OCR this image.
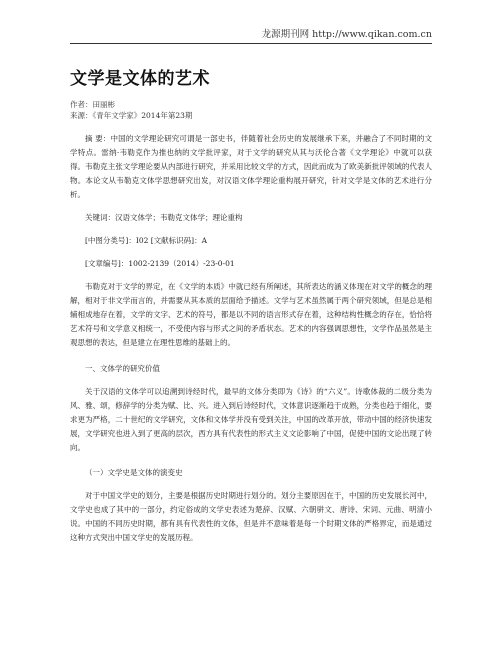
龙源期刊网 http://www.qikan.com.cn
文学是文体的艺术
作者：田丽彬
来源：《青年文学家》2014年第23期
摘 要：中国的文学理论研究可谓是一部史书，伴随着社会历史的发展继承下来，并融合了不同时期的文学特点。雷纳·韦勒克作为推也纳的文学批评家，对于文学的研究从其与沃伦合著《文学理论》中就可以获得。韦勒克主张文学理论要从内部进行研究，并采用比较文学的方式，因此而成为了欧美新批评领域的代表人物。本论文从韦勒克文体学思想研究出发，对汉语文体学理论重构展开研究，针对文学是文体的艺术进行分析。
关键词：汉语文体学；韦勒克文体学；理论重构
[中图分类号]：I02 [文献标识码]：A
[文章编号]：1002-2139（2014）-23-0-01
韦勒克对于文学的界定，在《文学的本质》中就已经有所阐述，其所表达的涵义体现在对文学的概念的理解，相对于非文学而言的，并需要从其本质的层面给予描述。文学与艺术虽然属于两个研究领域，但是总是相辅相成地存在着，文学的文字、艺术的符号，都是以不同的语言形式存在着，这种结构性概念的存在，恰恰将艺术符号和文学意义相统一，不受使内容与形式之间的矛盾状态。艺术的内容强调思想性，文学作品虽然是主观思想的表达，但是建立在理性思维的基础上的。
一、文体学的研究价值
关于汉语的文体学可以追溯到诗经时代，最早的文体分类即为《诗》的“六义”。诗歌体裁的二级分类为风、雅、颂，修辞学的分类为赋、比、兴。进入到后诗经时代，文体意识逐渐趋于成熟，分类也趋于细化，要求更为严格，二十世纪的文学研究，文体和文体学并没有受到关注，中国的改革开放，带动中国的经济快速发展，文学研究也进入到了更高的层次，西方具有代表性的形式主义文论影响了中国，促使中国的文论出现了转向。
（一）文学史是文体的演变史
对于中国文学史的划分，主要是根据历史时期进行划分的。划分主要原因在于，中国的历史发展长河中，文学史也成了其中的一部分，约定俗成的文学史表述为楚辞、汉赋、六朝骈文、唐诗、宋词、元曲、明清小说。中国的不同历史时期，都有具有代表性的文体，但是并不意味着是每一个时期文体的严格界定，而是通过这种方式突出中国文学史的发展历程。
